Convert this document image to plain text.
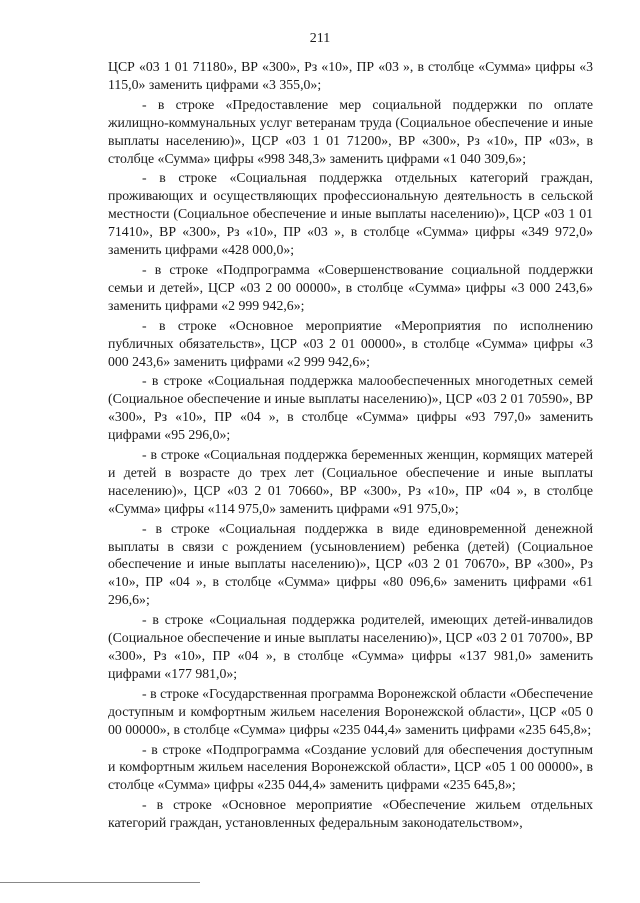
211

ЦСР «03 1 01 71180», ВР «300», Рз «10», ПР «03 », в столбце «Сумма» цифры «3 115,0» заменить цифрами «3 355,0»;

- в строке «Предоставление мер социальной поддержки по оплате жилищно-коммунальных услуг ветеранам труда (Социальное обеспечение и иные выплаты населению)», ЦСР «03 1 01 71200», ВР «300», Рз «10», ПР «03», в столбце «Сумма» цифры «998 348,3» заменить цифрами «1 040 309,6»;

- в строке «Социальная поддержка отдельных категорий граждан, проживающих и осуществляющих профессиональную деятельность в сельской местности (Социальное обеспечение и иные выплаты населению)», ЦСР «03 1 01 71410», ВР «300», Рз «10», ПР «03 », в столбце «Сумма» цифры «349 972,0» заменить цифрами «428 000,0»;

- в строке «Подпрограмма «Совершенствование социальной поддержки семьи и детей», ЦСР «03 2 00 00000», в столбце «Сумма» цифры «3 000 243,6» заменить цифрами «2 999 942,6»;

- в строке «Основное мероприятие «Мероприятия по исполнению публичных обязательств», ЦСР «03 2 01 00000», в столбце «Сумма» цифры «3 000 243,6» заменить цифрами «2 999 942,6»;

- в строке «Социальная поддержка малообеспеченных многодетных семей (Социальное обеспечение и иные выплаты населению)», ЦСР «03 2 01 70590», ВР «300», Рз «10», ПР «04 », в столбце «Сумма» цифры «93 797,0» заменить цифрами «95 296,0»;

- в строке «Социальная поддержка беременных женщин, кормящих матерей и детей в возрасте до трех лет (Социальное обеспечение и иные выплаты населению)», ЦСР «03 2 01 70660», ВР «300», Рз «10», ПР «04 », в столбце «Сумма» цифры «114 975,0» заменить цифрами «91 975,0»;

- в строке «Социальная поддержка в виде единовременной денежной выплаты в связи с рождением (усыновлением) ребенка (детей) (Социальное обеспечение и иные выплаты населению)», ЦСР «03 2 01 70670», ВР «300», Рз «10», ПР «04 », в столбце «Сумма» цифры «80 096,6» заменить цифрами «61 296,6»;

- в строке «Социальная поддержка родителей, имеющих детей-инвалидов (Социальное обеспечение и иные выплаты населению)», ЦСР «03 2 01 70700», ВР «300», Рз «10», ПР «04 », в столбце «Сумма» цифры «137 981,0» заменить цифрами «177 981,0»;

- в строке «Государственная программа Воронежской области «Обеспечение доступным и комфортным жильем населения Воронежской области», ЦСР «05 0 00 00000», в столбце «Сумма» цифры «235 044,4» заменить цифрами «235 645,8»;

- в строке «Подпрограмма «Создание условий для обеспечения доступным и комфортным жильем населения Воронежской области», ЦСР «05 1 00 00000», в столбце «Сумма» цифры «235 044,4» заменить цифрами «235 645,8»;

- в строке «Основное мероприятие «Обеспечение жильем отдельных категорий граждан, установленных федеральным законодательством»,
